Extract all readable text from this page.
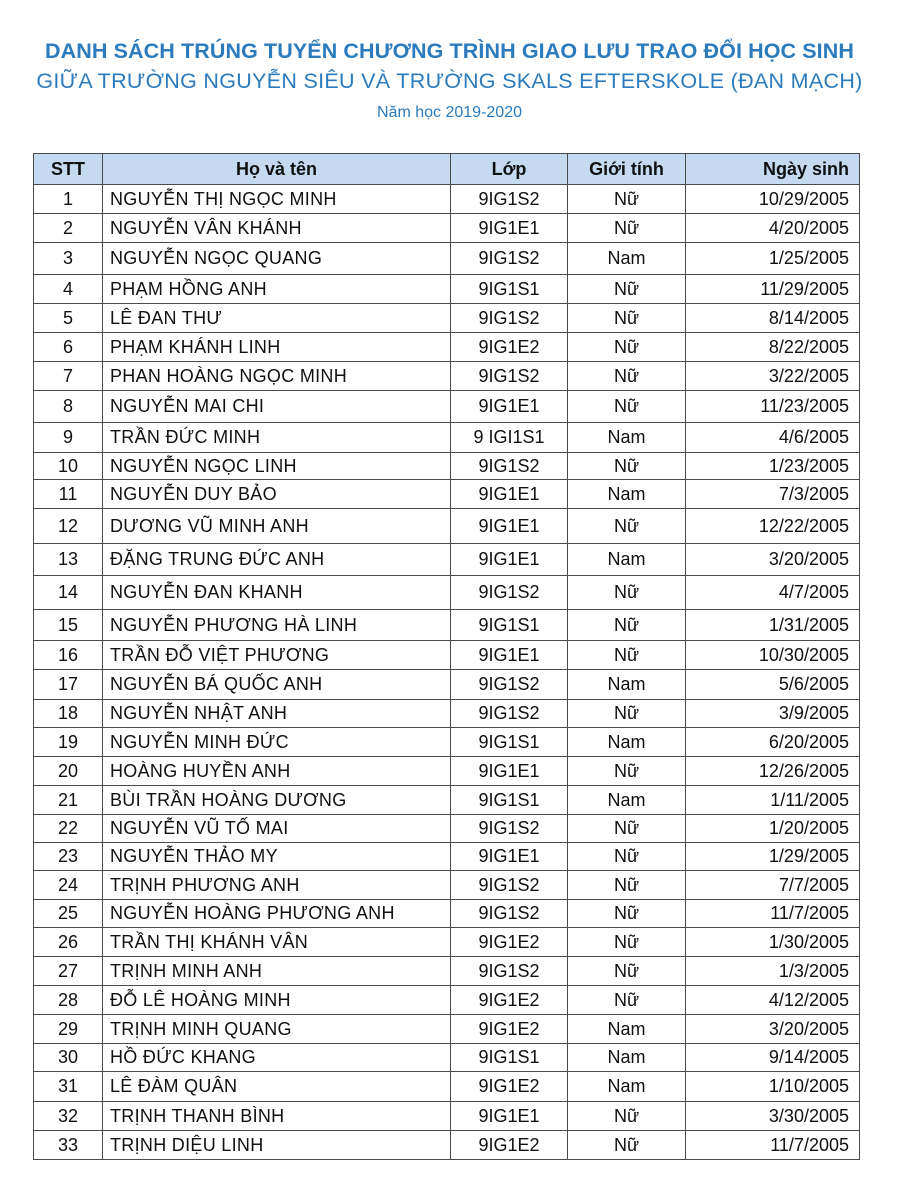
DANH SÁCH TRÚNG TUYỂN CHƯƠNG TRÌNH GIAO LƯU TRAO ĐỔI HỌC SINH
GIỮA TRƯỜNG NGUYỄN SIÊU VÀ TRƯỜNG SKALS EFTERSKOLE (ĐAN MẠCH)
Năm học 2019-2020
STT	Họ và tên	Lớp	Giới tính	Ngày sinh
1	NGUYỄN THỊ NGỌC MINH	9IG1S2	Nữ	10/29/2005
2	NGUYỄN VÂN KHÁNH	9IG1E1	Nữ	4/20/2005
3	NGUYỄN NGỌC QUANG	9IG1S2	Nam	1/25/2005
4	PHẠM HỒNG ANH	9IG1S1	Nữ	11/29/2005
5	LÊ ĐAN THƯ	9IG1S2	Nữ	8/14/2005
6	PHẠM KHÁNH LINH	9IG1E2	Nữ	8/22/2005
7	PHAN HOÀNG NGỌC MINH	9IG1S2	Nữ	3/22/2005
8	NGUYỄN MAI CHI	9IG1E1	Nữ	11/23/2005
9	TRẦN ĐỨC MINH	9 IGI1S1	Nam	4/6/2005
10	NGUYỄN NGỌC LINH	9IG1S2	Nữ	1/23/2005
11	NGUYỄN DUY BẢO	9IG1E1	Nam	7/3/2005
12	DƯƠNG VŨ MINH ANH	9IG1E1	Nữ	12/22/2005
13	ĐẶNG TRUNG ĐỨC ANH	9IG1E1	Nam	3/20/2005
14	NGUYỄN ĐAN KHANH	9IG1S2	Nữ	4/7/2005
15	NGUYỄN PHƯƠNG HÀ LINH	9IG1S1	Nữ	1/31/2005
16	TRẦN ĐỖ VIỆT PHƯƠNG	9IG1E1	Nữ	10/30/2005
17	NGUYỄN BÁ QUỐC ANH	9IG1S2	Nam	5/6/2005
18	NGUYỄN NHẬT ANH	9IG1S2	Nữ	3/9/2005
19	NGUYỄN MINH ĐỨC	9IG1S1	Nam	6/20/2005
20	HOÀNG HUYỀN ANH	9IG1E1	Nữ	12/26/2005
21	BÙI TRẦN HOÀNG DƯƠNG	9IG1S1	Nam	1/11/2005
22	NGUYỄN VŨ TỐ MAI	9IG1S2	Nữ	1/20/2005
23	NGUYỄN THẢO MY	9IG1E1	Nữ	1/29/2005
24	TRỊNH PHƯƠNG ANH	9IG1S2	Nữ	7/7/2005
25	NGUYỄN HOÀNG PHƯƠNG ANH	9IG1S2	Nữ	11/7/2005
26	TRẦN THỊ KHÁNH VÂN	9IG1E2	Nữ	1/30/2005
27	TRỊNH MINH ANH	9IG1S2	Nữ	1/3/2005
28	ĐỖ LÊ HOÀNG MINH	9IG1E2	Nữ	4/12/2005
29	TRỊNH MINH QUANG	9IG1E2	Nam	3/20/2005
30	HỒ ĐỨC KHANG	9IG1S1	Nam	9/14/2005
31	LÊ ĐÀM QUÂN	9IG1E2	Nam	1/10/2005
32	TRỊNH THANH BÌNH	9IG1E1	Nữ	3/30/2005
33	TRỊNH DIỆU LINH	9IG1E2	Nữ	11/7/2005
